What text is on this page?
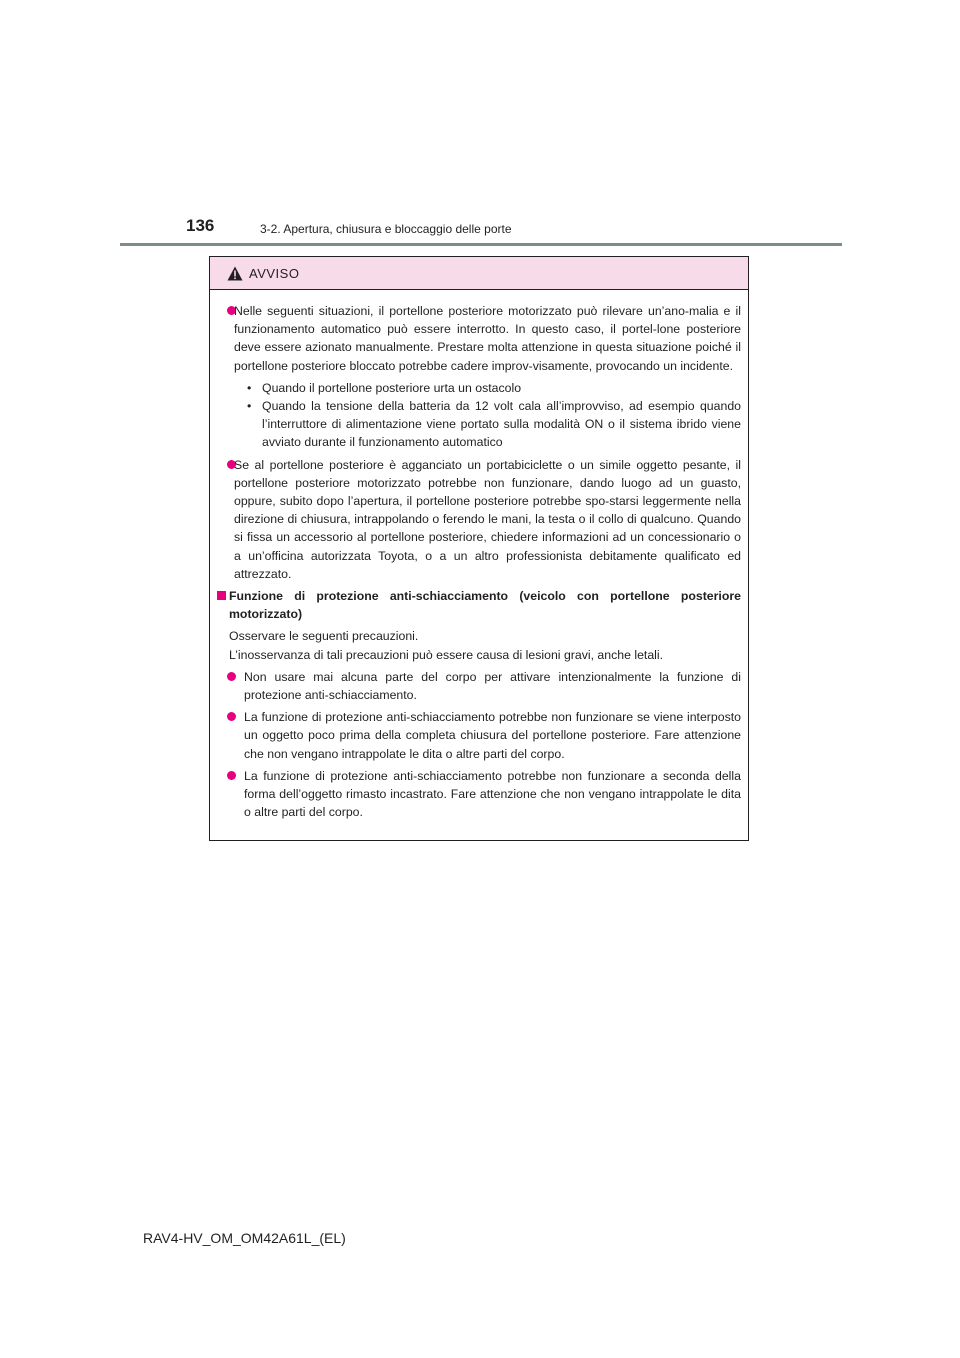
136	3-2. Apertura, chiusura e bloccaggio delle porte
AVVISO
Nelle seguenti situazioni, il portellone posteriore motorizzato può rilevare un’ano-malia e il funzionamento automatico può essere interrotto. In questo caso, il portel-lone posteriore deve essere azionato manualmente. Prestare molta attenzione in questa situazione poiché il portellone posteriore bloccato potrebbe cadere improv-visamente, provocando un incidente.
• Quando il portellone posteriore urta un ostacolo
• Quando la tensione della batteria da 12 volt cala all’improvviso, ad esempio quando l’interruttore di alimentazione viene portato sulla modalità ON o il sistema ibrido viene avviato durante il funzionamento automatico
Se al portellone posteriore è agganciato un portabiciclette o un simile oggetto pesante, il portellone posteriore motorizzato potrebbe non funzionare, dando luogo ad un guasto, oppure, subito dopo l’apertura, il portellone posteriore potrebbe spo-starsi leggermente nella direzione di chiusura, intrappolando o ferendo le mani, la testa o il collo di qualcuno. Quando si fissa un accessorio al portellone posteriore, chiedere informazioni ad un concessionario o a un’officina autorizzata Toyota, o a un altro professionista debitamente qualificato ed attrezzato.
Funzione di protezione anti-schiacciamento (veicolo con portellone posteriore motorizzato)
Osservare le seguenti precauzioni.
L’inosservanza di tali precauzioni può essere causa di lesioni gravi, anche letali.
Non usare mai alcuna parte del corpo per attivare intenzionalmente la funzione di protezione anti-schiacciamento.
La funzione di protezione anti-schiacciamento potrebbe non funzionare se viene interposto un oggetto poco prima della completa chiusura del portellone posteriore. Fare attenzione che non vengano intrappolate le dita o altre parti del corpo.
La funzione di protezione anti-schiacciamento potrebbe non funzionare a seconda della forma dell’oggetto rimasto incastrato. Fare attenzione che non vengano intrappolate le dita o altre parti del corpo.
RAV4-HV_OM_OM42A61L_(EL)
